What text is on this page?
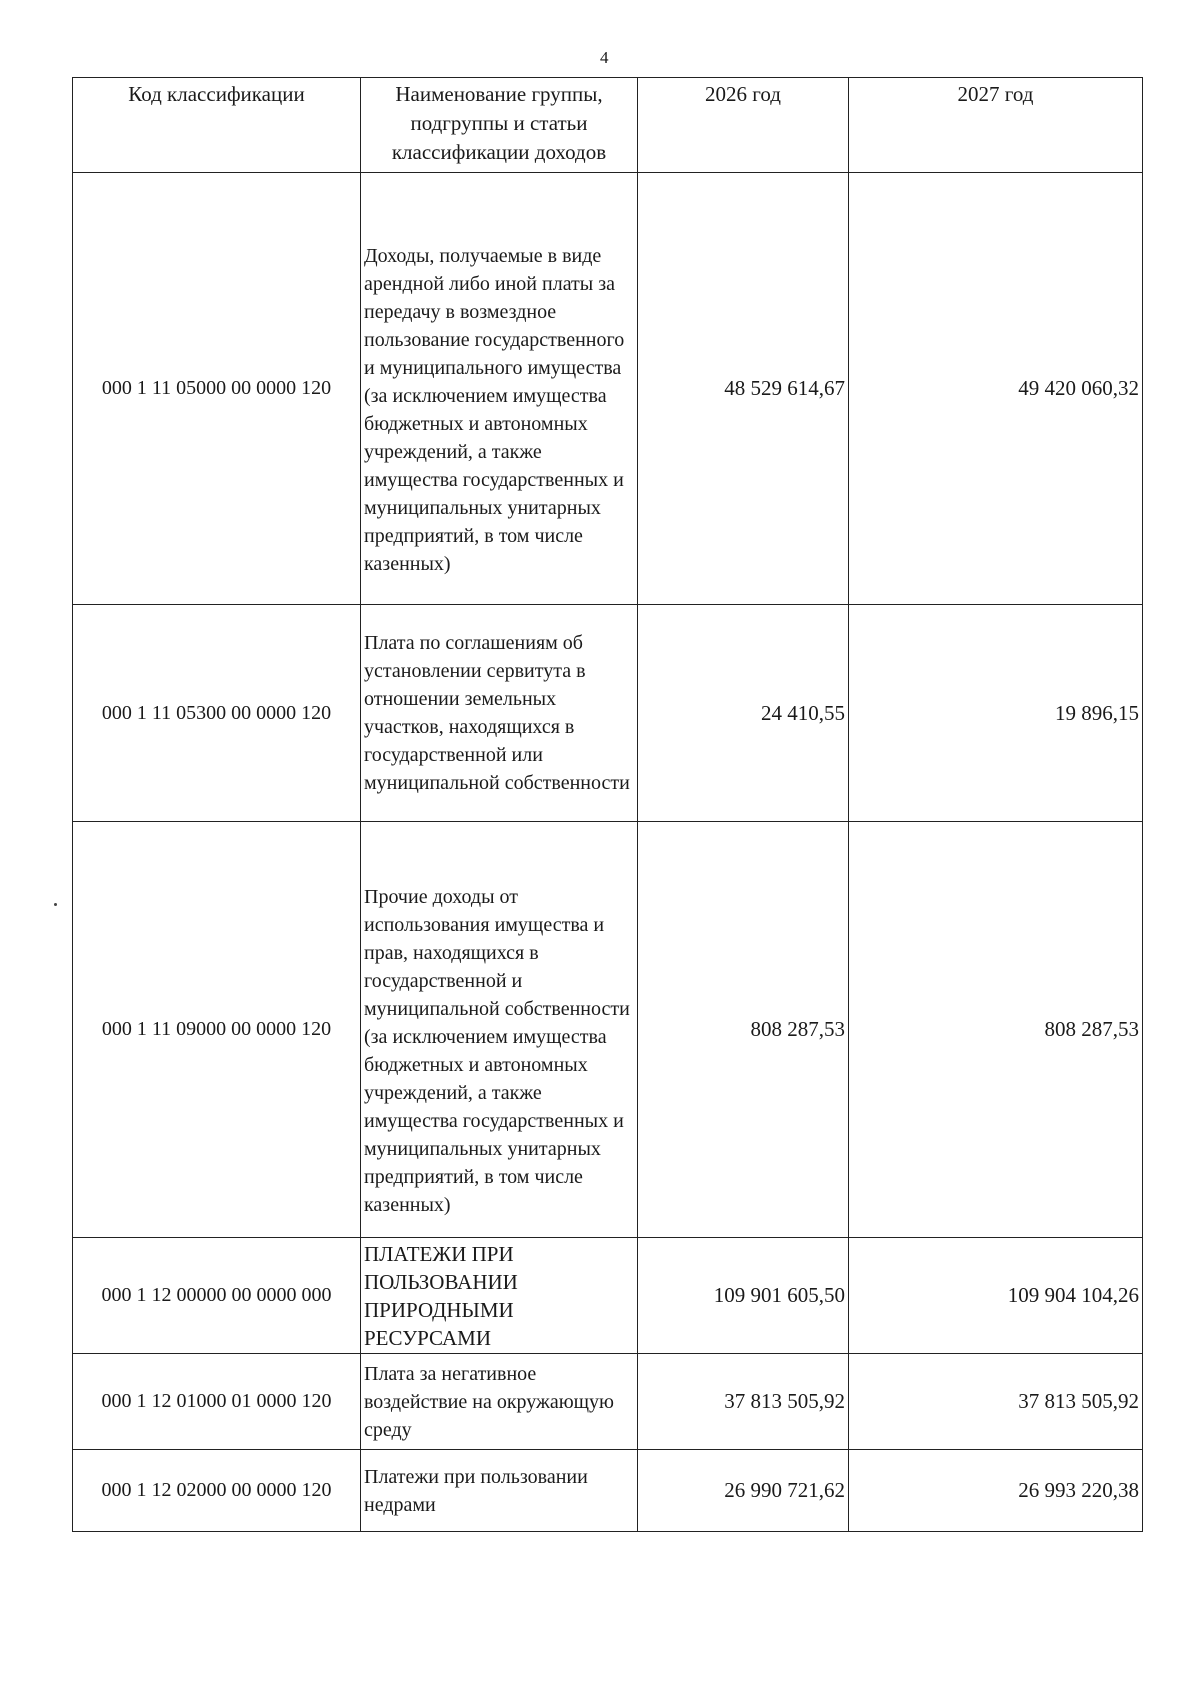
4
Код классификации	Наименование группы, подгруппы и статьи классификации доходов	2026 год	2027 год
000 1 11 05000 00 0000 120	Доходы, получаемые в виде арендной либо иной платы за передачу в возмездное пользование государственного и муниципального имущества (за исключением имущества бюджетных и автономных учреждений, а также имущества государственных и муниципальных унитарных предприятий, в том числе казенных)	48 529 614,67	49 420 060,32
000 1 11 05300 00 0000 120	Плата по соглашениям об установлении сервитута в отношении земельных участков, находящихся в государственной или муниципальной собственности	24 410,55	19 896,15
000 1 11 09000 00 0000 120	Прочие доходы от использования имущества и прав, находящихся в государственной и муниципальной собственности (за исключением имущества бюджетных и автономных учреждений, а также имущества государственных и муниципальных унитарных предприятий, в том числе казенных)	808 287,53	808 287,53
000 1 12 00000 00 0000 000	ПЛАТЕЖИ ПРИ ПОЛЬЗОВАНИИ ПРИРОДНЫМИ РЕСУРСАМИ	109 901 605,50	109 904 104,26
000 1 12 01000 01 0000 120	Плата за негативное воздействие на окружающую среду	37 813 505,92	37 813 505,92
000 1 12 02000 00 0000 120	Платежи при пользовании недрами	26 990 721,62	26 993 220,38
